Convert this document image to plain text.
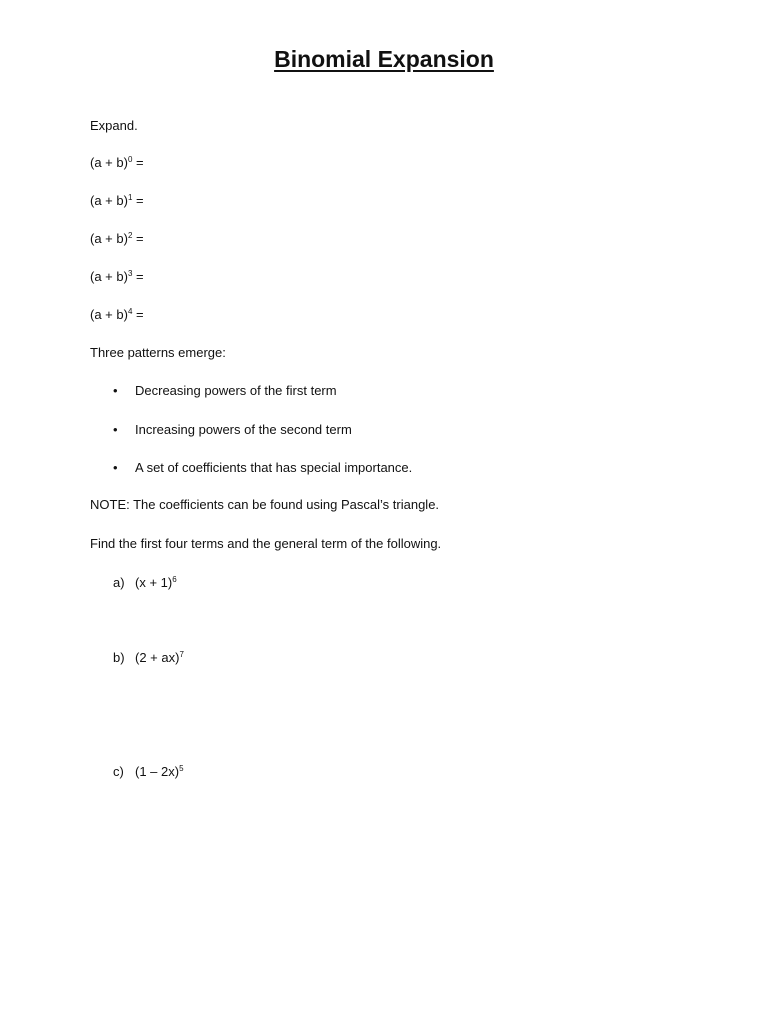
Binomial Expansion
Expand.
$(a + b)^0$ =
$(a + b)^1$ =
$(a + b)^2$ =
$(a + b)^3$ =
$(a + b)^4$ =
Three patterns emerge:
• Decreasing powers of the first term
• Increasing powers of the second term
• A set of coefficients that has special importance.
NOTE: The coefficients can be found using Pascal’s triangle.
Find the first four terms and the general term of the following.
a) $(x + 1)^6$
b) (2 + ax)$^7$
c) (1 – 2x)$^5$
